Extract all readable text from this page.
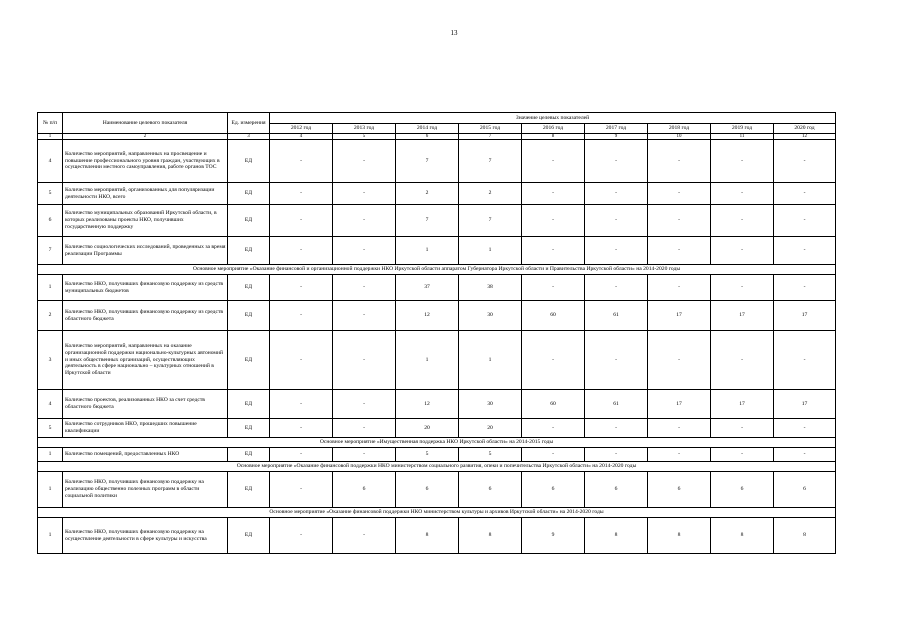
13
№ п/п	Наименование целевого показателя	Ед. измерения	Значение целевых показателей								
			2012 год	2013 год	2014 год	2015 год	2016 год	2017 год	2018 год	2019 год	2020 год
1	2	3	4	5	6	7	8	9	10	11	12
4	Количество мероприятий, направленных на просвещение и повышение профессионального уровня граждан, участвующих в осуществлении местного самоуправления, работе органов ТОС	ЕД	-	-	7	7	-	-	-	-	-
5	Количество мероприятий, организованных для популяризации деятельности НКО, всего	ЕД	-	-	2	2	-	-	-	-	-
6	Количество муниципальных образований Иркутской области, в которых реализованы проекты НКО, получивших государственную поддержку	ЕД	-	-	7	7	-	-	-	-	-
7	Количество социологических исследований, проведенных за время реализации Программы	ЕД	-	-	1	1	-	-	-	-	-
Основное мероприятие «Оказание финансовой и организационной поддержки НКО Иркутской области аппаратом Губернатора Иркутской области и Правительства Иркутской области» на 2014-2020 годы											
1	Количество НКО, получивших финансовую поддержку из средств муниципальных бюджетов	ЕД	-	-	37	38	-	-	-	-	-
2	Количество НКО, получивших финансовую поддержку из средств областного бюджета	ЕД	-	-	12	30	60	61	17	17	17
3	Количество мероприятий, направленных на оказание организационной поддержки национально-культурных автономий и иных общественных организаций, осуществляющих деятельность в сфере национально – культурных отношений в Иркутской области	ЕД	-	-	1	1	-	-	-	-	-
4	Количество проектов, реализованных НКО за счет средств областного бюджета	ЕД	-	-	12	30	60	61	17	17	17
5	Количество сотрудников НКО, прошедших повышение квалификации	ЕД	-	-	20	20	-	-	-	-	-
Основное мероприятие «Имущественная поддержка НКО Иркутской области» на 2014-2015 годы											
1	Количество помещений, предоставленных НКО	ЕД	-	-	5	5	-	-	-	-	-
Основное мероприятие «Оказание финансовой поддержки НКО министерством социального развития, опеки и попечительства Иркутской области» на 2014-2020 годы											
1	Количество НКО, получивших финансовую поддержку на реализацию общественно полезных программ в области социальной политики	ЕД	-	6	6	6	6	6	6	6	6
Основное мероприятие «Оказание финансовой поддержки НКО министерством культуры и архивов Иркутской области» на 2014-2020 годы											
1	Количество НКО, получивших финансовую поддержку на осуществление деятельности в сфере культуры и искусства	ЕД	-	-	8	8	9	8	8	8	8
